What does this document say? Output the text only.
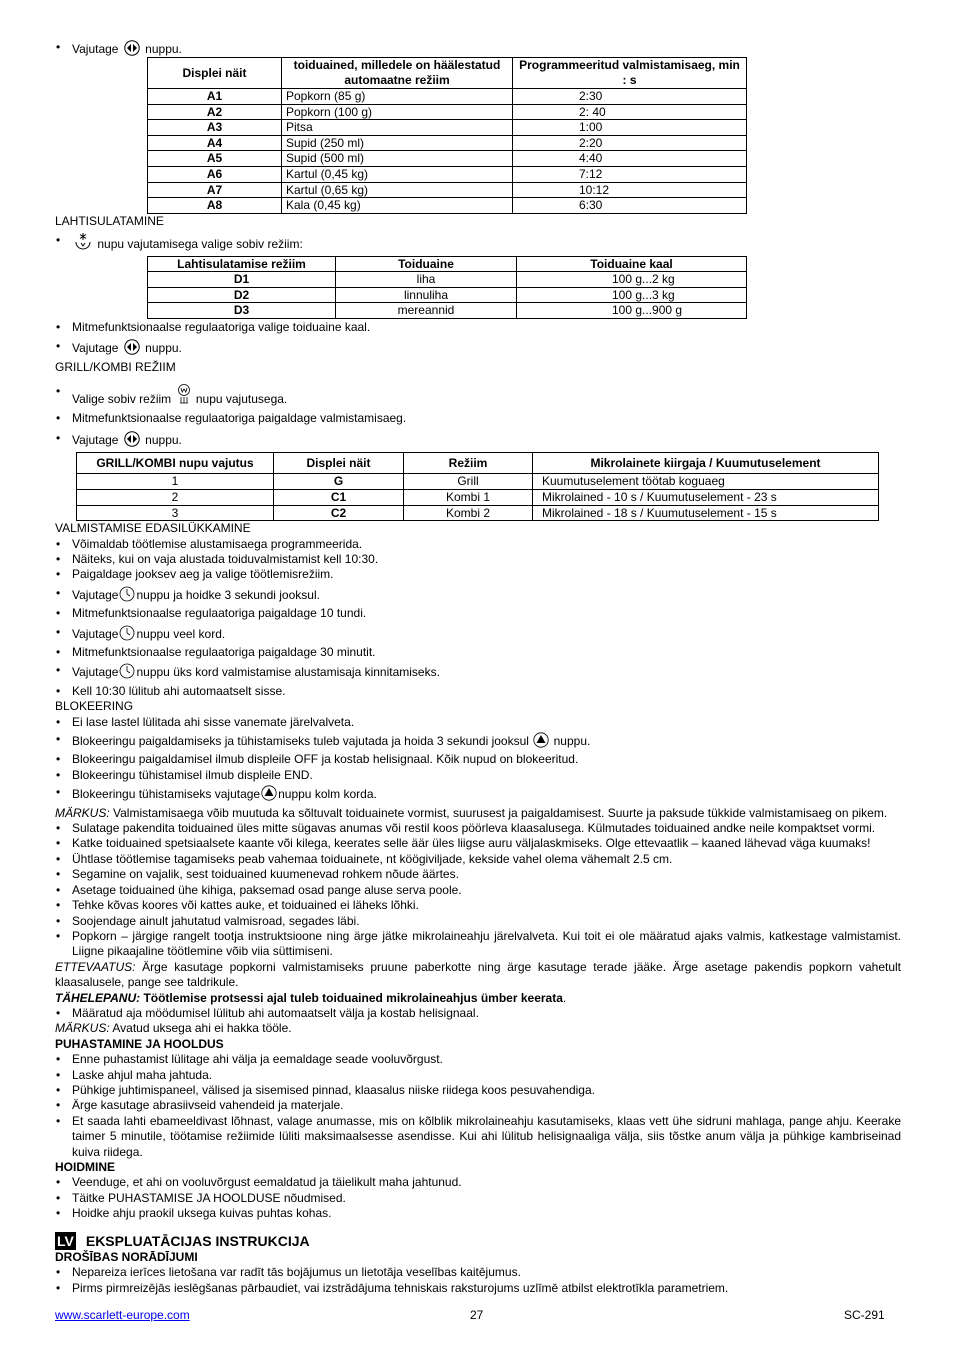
• Vajutage nuppu.
Displei näit	toiduained, milledele on häälestatud automaatne režiim	Programmeeritud valmistamisaeg, min : s
A1	Popkorn (85 g)	2:30
A2	Popkorn (100 g)	2: 40
A3	Pitsa	1:00
A4	Supid (250 ml)	2:20
A5	Supid (500 ml)	4:40
A6	Kartul (0,45 kg)	7:12
A7	Kartul (0,65 kg)	10:12
A8	Kala (0,45 kg)	6:30
LAHTISULATAMINE
• nupu vajutamisega valige sobiv režiim:
Lahtisulatamise režiim	Toiduaine	Toiduaine kaal
D1	liha	100 g...2 kg
D2	linnuliha	100 g...3 kg
D3	mereannid	100 g...900 g
• Mitmefunktsionaalse regulaatoriga valige toiduaine kaal.
• Vajutage nuppu.
GRILL/KOMBI REŽIIM
• Valige sobiv režiim nupu vajutusega.
• Mitmefunktsionaalse regulaatoriga paigaldage valmistamisaeg.
• Vajutage nuppu.
GRILL/KOMBI nupu vajutus	Displei näit	Režiim	Mikrolainete kiirgaja / Kuumutuselement
1	G	Grill	Kuumutuselement töötab koguaeg
2	C1	Kombi 1	Mikrolained - 10 s / Kuumutuselement - 23 s
3	C2	Kombi 2	Mikrolained - 18 s / Kuumutuselement - 15 s
VALMISTAMISE EDASILÜKKAMINE
• Võimaldab töötlemise alustamisaega programmeerida.
• Näiteks, kui on vaja alustada toiduvalmistamist kell 10:30.
• Paigaldage jooksev aeg ja valige töötlemisrežiim.
• Vajutage nuppu ja hoidke 3 sekundi jooksul.
• Mitmefunktsionaalse regulaatoriga paigaldage 10 tundi.
• Vajutage nuppu veel kord.
• Mitmefunktsionaalse regulaatoriga paigaldage 30 minutit.
• Vajutage nuppu üks kord valmistamise alustamisaja kinnitamiseks.
• Kell 10:30 lülitub ahi automaatselt sisse.
BLOKEERING
• Ei lase lastel lülitada ahi sisse vanemate järelvalveta.
• Blokeeringu paigaldamiseks ja tühistamiseks tuleb vajutada ja hoida 3 sekundi jooksul nuppu.
• Blokeeringu paigaldamisel ilmub displeile OFF ja kostab helisignaal. Kõik nupud on blokeeritud.
• Blokeeringu tühistamisel ilmub displeile END.
• Blokeeringu tühistamiseks vajutage nuppu kolm korda.
MÄRKUS: Valmistamisaega võib muutuda ka sõltuvalt toiduainete vormist, suurusest ja paigaldamisest. Suurte ja paksude tükkide valmistamisaeg on pikem.
• Sulatage pakendita toiduained üles mitte sügavas anumas või restil koos pöörleva klaasalusega. Külmutades toiduained andke neile kompaktset vormi.
• Katke toiduained spetsiaalsete kaante või kilega, keerates selle äär üles liigse auru väljalaskmiseks. Olge ettevaatlik – kaaned lähevad väga kuumaks!
• Ühtlase töötlemise tagamiseks peab vahemaa toiduainete, nt köögiviljade, kekside vahel olema vähemalt 2.5 cm.
• Segamine on vajalik, sest toiduained kuumenevad rohkem nõude äärtes.
• Asetage toiduained ühe kihiga, paksemad osad pange aluse serva poole.
• Tehke kõvas koores või kattes auke, et toiduained ei läheks lõhki.
• Soojendage ainult jahutatud valmisroad, segades läbi.
• Popkorn – järgige rangelt tootja instruktsioone ning ärge jätke mikrolaineahju järelvalveta. Kui toit ei ole määratud ajaks valmis, katkestage valmistamist. Liigne pikaajaline töötlemine võib viia süttimiseni.
ETTEVAATUS: Ärge kasutage popkorni valmistamiseks pruune paberkotte ning ärge kasutage terade jääke. Ärge asetage pakendis popkorn vahetult klaasalusele, pange see taldrikule.
TÄHELEPANU: Töötlemise protsessi ajal tuleb toiduained mikrolaineahjus ümber keerata.
• Määratud aja möödumisel lülitub ahi automaatselt välja ja kostab helisignaal.
MÄRKUS: Avatud uksega ahi ei hakka tööle.
PUHASTAMINE JA HOOLDUS
• Enne puhastamist lülitage ahi välja ja eemaldage seade vooluvõrgust.
• Laske ahjul maha jahtuda.
• Pühkige juhtimispaneel, välised ja sisemised pinnad, klaasalus niiske riidega koos pesuvahendiga.
• Ärge kasutage abrasiivseid vahendeid ja materjale.
• Et saada lahti ebameeldivast lõhnast, valage anumasse, mis on kõlblik mikrolaineahju kasutamiseks, klaas vett ühe sidruni mahlaga, pange ahju. Keerake taimer 5 minutile, töötamise režiimide lüliti maksimaalsesse asendisse. Kui ahi lülitub helisignaaliga välja, siis tõstke anum välja ja pühkige kambriseinad kuiva riidega.
HOIDMINE
• Veenduge, et ahi on vooluvõrgust eemaldatud ja täielikult maha jahtunud.
• Täitke PUHASTAMISE JA HOOLDUSE nõudmised.
• Hoidke ahju praokil uksega kuivas puhtas kohas.
LV EKSPLUATĀCIJAS INSTRUKCIJA
DROŠĪBAS NORĀDĪJUMI
• Nepareiza ierīces lietošana var radīt tās bojājumus un lietotāja veselības kaitējumus.
• Pirms pirmreizējās ieslēgšanas pārbaudiet, vai izstrādājuma tehniskais raksturojums uzlīmē atbilst elektrotīkla parametriem.
www.scarlett-europe.com	27	SC-291
